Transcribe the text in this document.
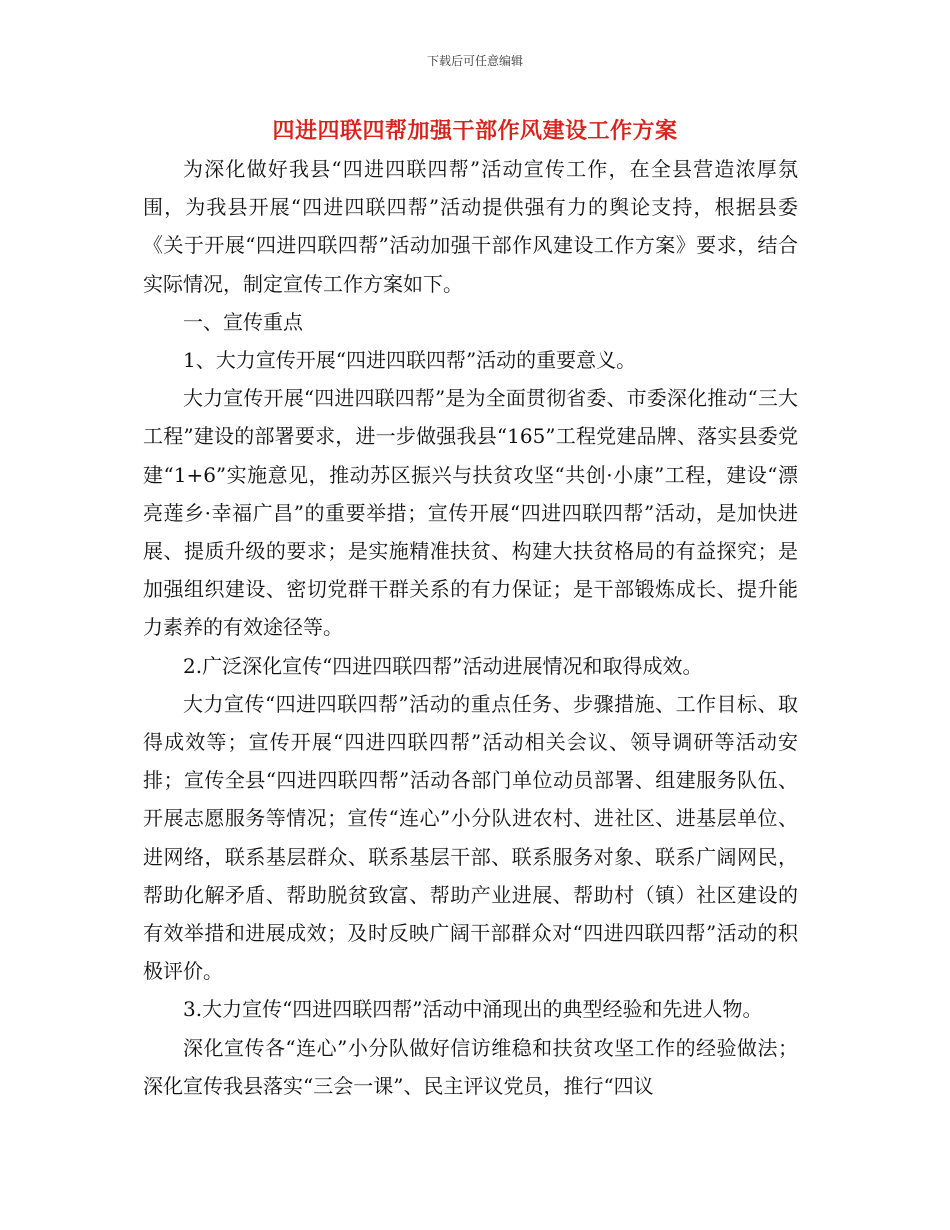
下载后可任意编辑
四进四联四帮加强干部作风建设工作方案

为深化做好我县“四进四联四帮”活动宣传工作，在全县营造浓厚氛围，为我县开展“四进四联四帮”活动提供强有力的舆论支持，根据县委《关于开展“四进四联四帮”活动加强干部作风建设工作方案》要求，结合实际情况，制定宣传工作方案如下。

一、宣传重点

1、大力宣传开展“四进四联四帮”活动的重要意义。

大力宣传开展“四进四联四帮”是为全面贯彻省委、市委深化推动“三大工程”建设的部署要求，进一步做强我县“165”工程党建品牌、落实县委党建“1+6”实施意见，推动苏区振兴与扶贫攻坚“共创·小康”工程，建设“漂亮莲乡·幸福广昌”的重要举措；宣传开展“四进四联四帮”活动，是加快进展、提质升级的要求；是实施精准扶贫、构建大扶贫格局的有益探究；是加强组织建设、密切党群干群关系的有力保证；是干部锻炼成长、提升能力素养的有效途径等。

2.广泛深化宣传“四进四联四帮”活动进展情况和取得成效。

大力宣传“四进四联四帮”活动的重点任务、步骤措施、工作目标、取得成效等；宣传开展“四进四联四帮”活动相关会议、领导调研等活动安排；宣传全县“四进四联四帮”活动各部门单位动员部署、组建服务队伍、开展志愿服务等情况；宣传“连心”小分队进农村、进社区、进基层单位、进网络，联系基层群众、联系基层干部、联系服务对象、联系广阔网民，帮助化解矛盾、帮助脱贫致富、帮助产业进展、帮助村（镇）社区建设的有效举措和进展成效；及时反映广阔干部群众对“四进四联四帮”活动的积极评价。

3.大力宣传“四进四联四帮”活动中涌现出的典型经验和先进人物。

深化宣传各“连心”小分队做好信访维稳和扶贫攻坚工作的经验做法；深化宣传我县落实“三会一课”、民主评议党员，推行“四议
